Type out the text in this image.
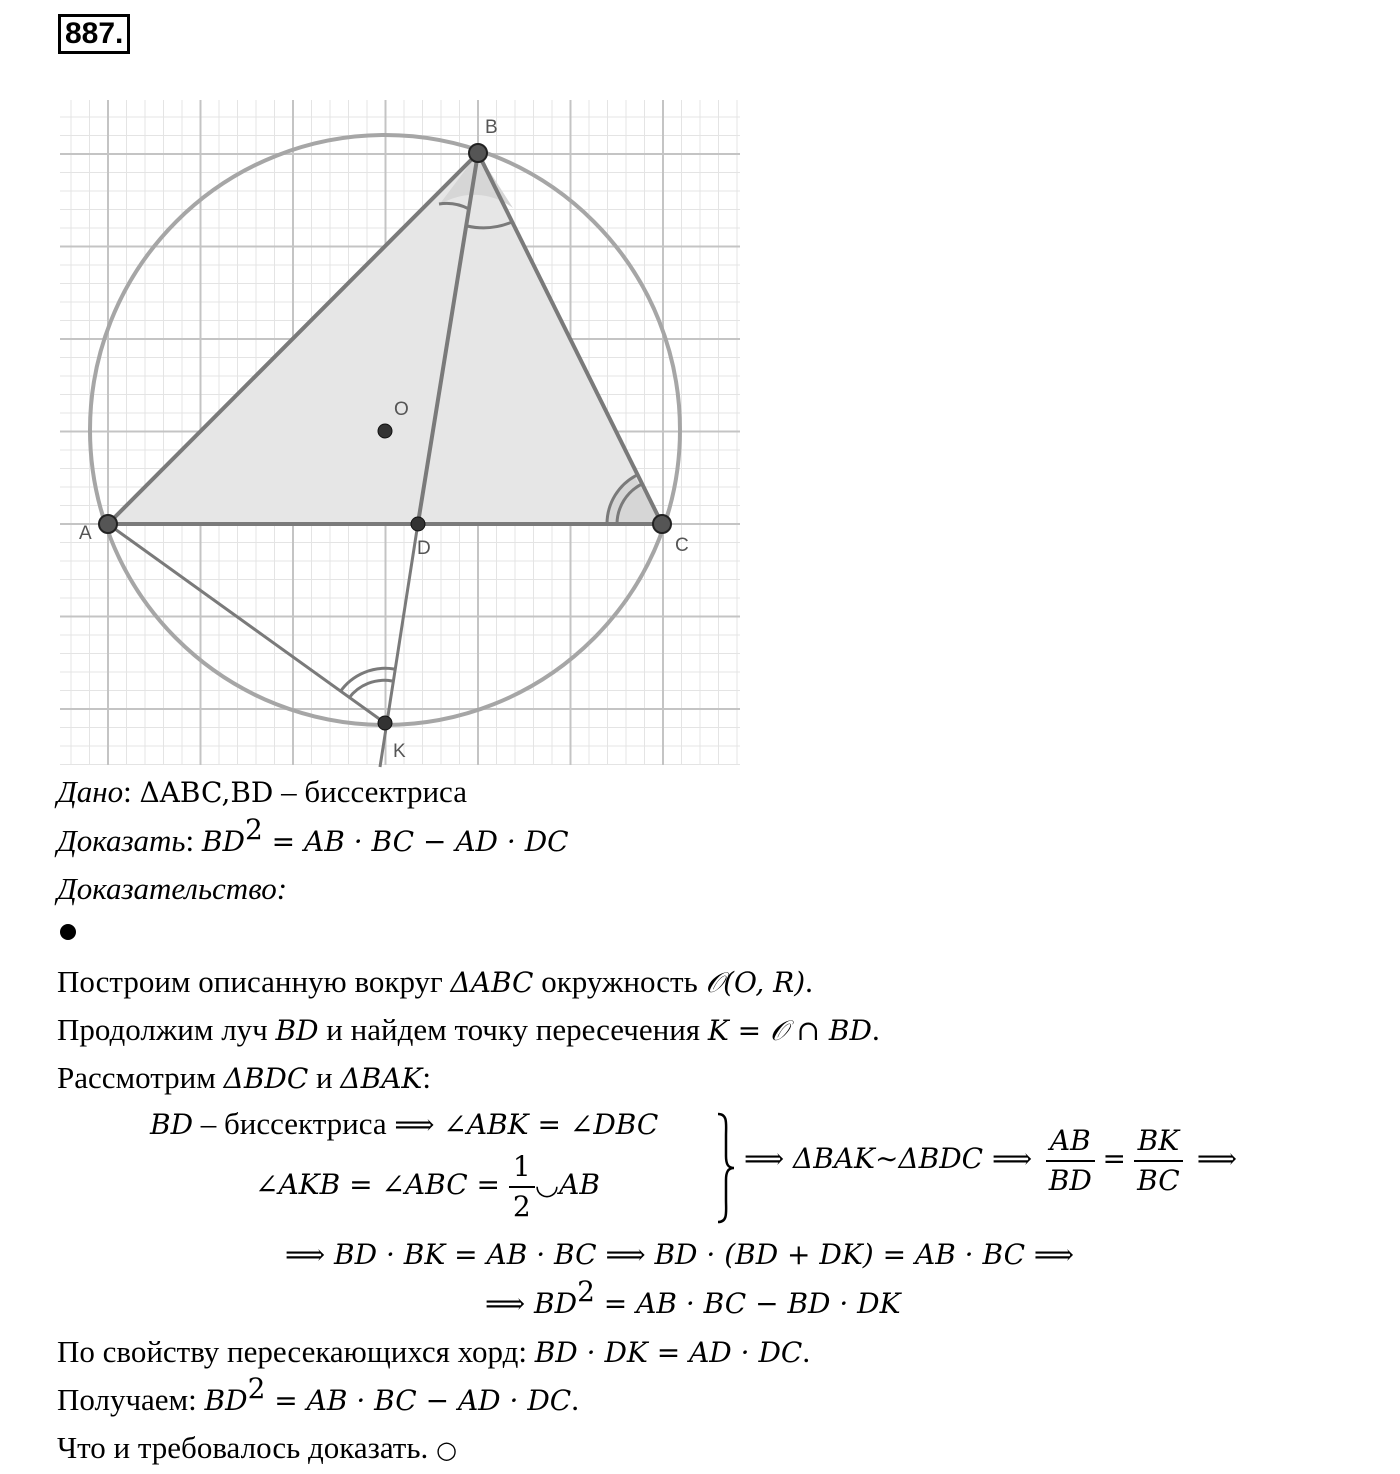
887.
A
B
C
D
O
K
Дано: ΔABC,BD – биссектриса
Доказать: $BD^2$ = AB · BC − AD · DC
Доказательство:
Построим описанную вокруг ΔABC окружность 𝒪(O, R).
Продолжим луч BD и найдем точку пересечения K = 𝒪 ∩ BD.
Рассмотрим ΔBDC и ΔBAK:
BD – биссектриса ⟹ ∠ABK = ∠DBC
∠AKB = ∠ABC = $\frac{1}{2}$ ◡AB
⟹ ΔBAK∼ΔBDC ⟹ $\frac{AB}{BD} = \frac{BK}{BC}$ ⟹
⟹ BD · BK = AB · BC ⟹ BD · (BD + DK) = AB · BC ⟹
⟹ $BD^2$ = AB · BC − BD · DK
По свойству пересекающихся хорд: BD · DK = AD · DC.
Получаем: $BD^2$ = AB · BC − AD · DC.
Что и требовалось доказать. ○
